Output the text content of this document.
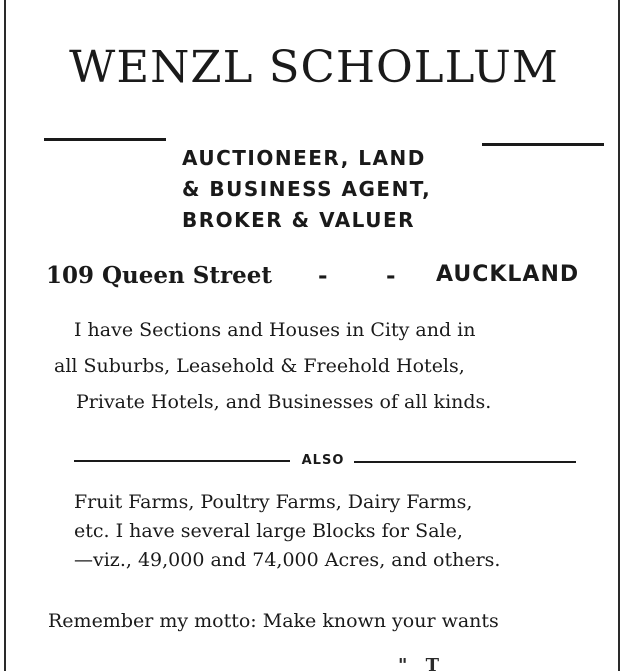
WENZL SCHOLLUM
AUCTIONEER, LAND
& BUSINESS AGENT,
BROKER & VALUER
109 Queen Street -	- AUCKLAND
I have Sections and Houses in City and in
all Suburbs, Leasehold & Freehold Hotels,
Private Hotels, and Businesses of all kinds.
ALSO
Fruit Farms, Poultry Farms, Dairy Farms,
etc. I have several large Blocks for Sale,
—viz., 49,000 and 74,000 Acres, and others.
Remember my motto: Make known your wants
" T
